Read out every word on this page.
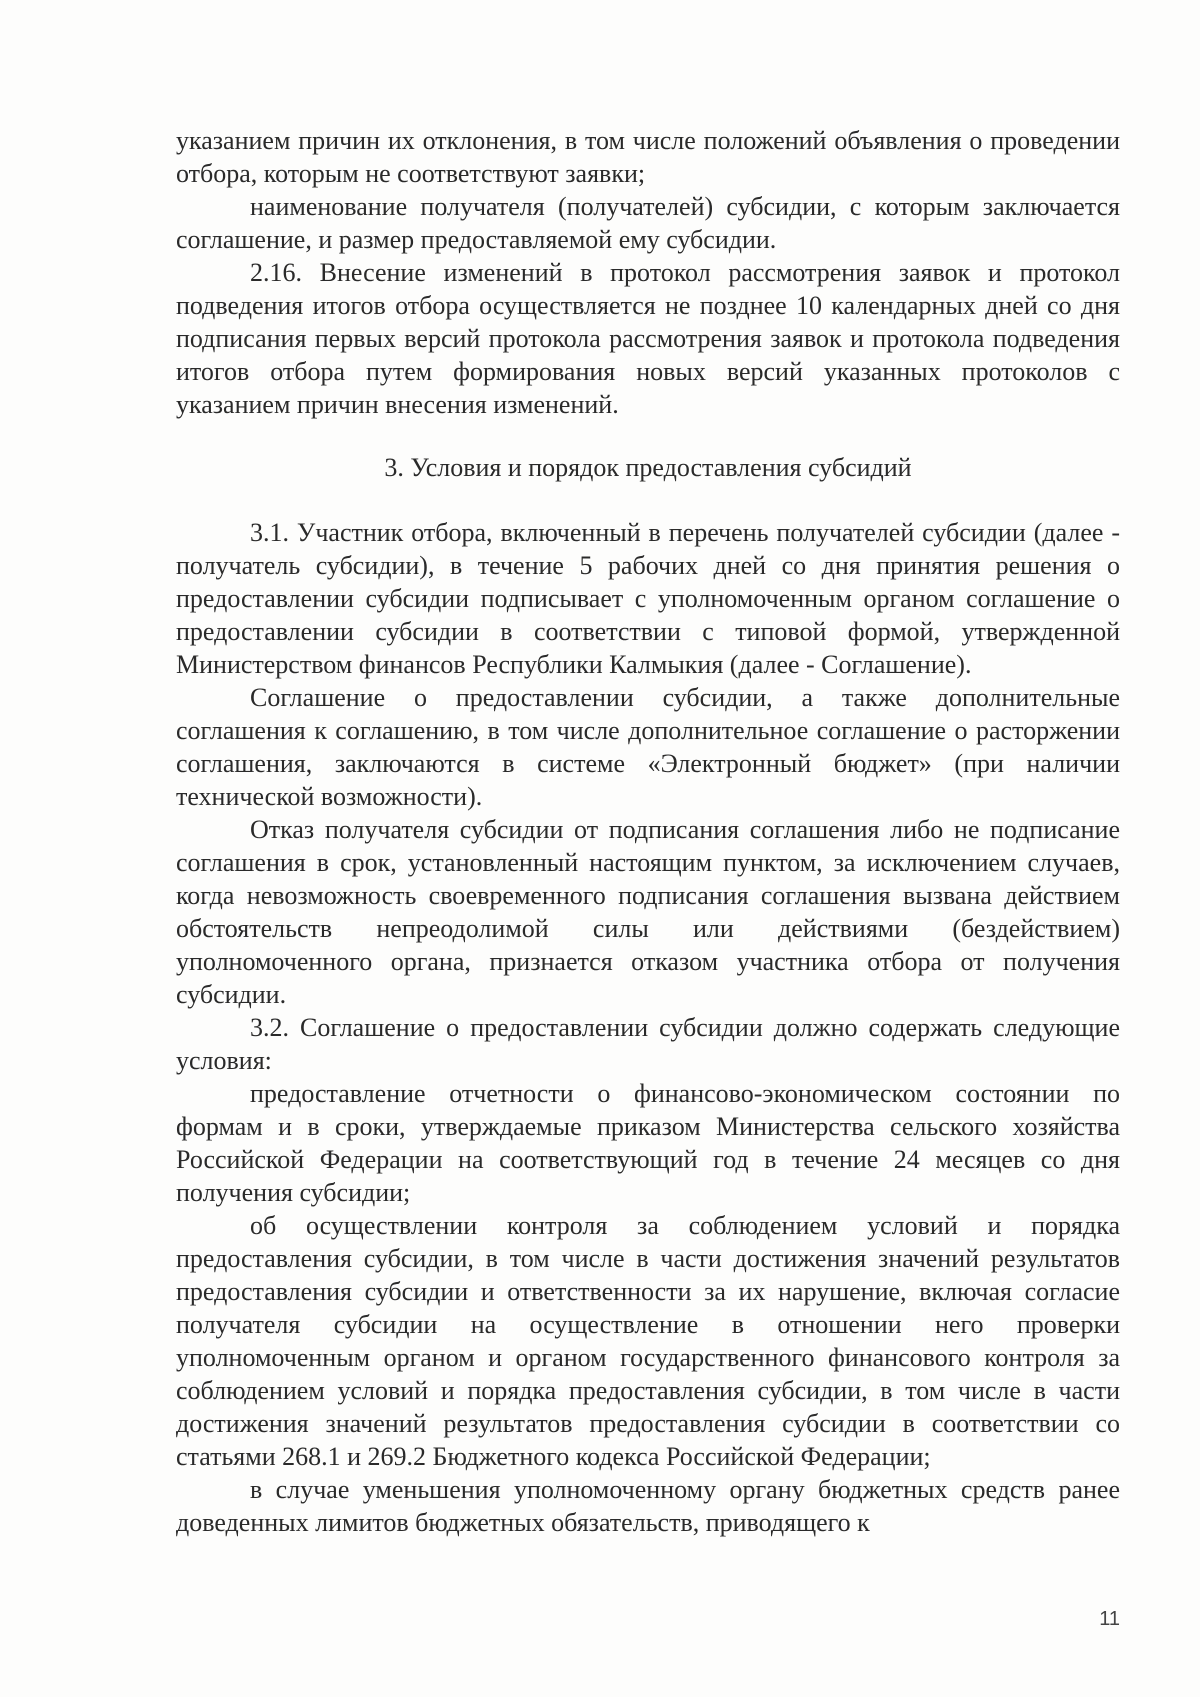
указанием причин их отклонения, в том числе положений объявления о проведении отбора, которым не соответствуют заявки;

наименование получателя (получателей) субсидии, с которым заключается соглашение, и размер предоставляемой ему субсидии.

2.16. Внесение изменений в протокол рассмотрения заявок и протокол подведения итогов отбора осуществляется не позднее 10 календарных дней со дня подписания первых версий протокола рассмотрения заявок и протокола подведения итогов отбора путем формирования новых версий указанных протоколов с указанием причин внесения изменений.

3. Условия и порядок предоставления субсидий

3.1. Участник отбора, включенный в перечень получателей субсидии (далее - получатель субсидии), в течение 5 рабочих дней со дня принятия решения о предоставлении субсидии подписывает с уполномоченным органом соглашение о предоставлении субсидии в соответствии с типовой формой, утвержденной Министерством финансов Республики Калмыкия (далее - Соглашение).

Соглашение о предоставлении субсидии, а также дополнительные соглашения к соглашению, в том числе дополнительное соглашение о расторжении соглашения, заключаются в системе «Электронный бюджет» (при наличии технической возможности).

Отказ получателя субсидии от подписания соглашения либо не подписание соглашения в срок, установленный настоящим пунктом, за исключением случаев, когда невозможность своевременного подписания соглашения вызвана действием обстоятельств непреодолимой силы или действиями (бездействием) уполномоченного органа, признается отказом участника отбора от получения субсидии.

3.2. Соглашение о предоставлении субсидии должно содержать следующие условия:

предоставление отчетности о финансово-экономическом состоянии по формам и в сроки, утверждаемые приказом Министерства сельского хозяйства Российской Федерации на соответствующий год в течение 24 месяцев со дня получения субсидии;

об осуществлении контроля за соблюдением условий и порядка предоставления субсидии, в том числе в части достижения значений результатов предоставления субсидии и ответственности за их нарушение, включая согласие получателя субсидии на осуществление в отношении него проверки уполномоченным органом и органом государственного финансового контроля за соблюдением условий и порядка предоставления субсидии, в том числе в части достижения значений результатов предоставления субсидии в соответствии со статьями 268.1 и 269.2 Бюджетного кодекса Российской Федерации;

в случае уменьшения уполномоченному органу бюджетных средств ранее доведенных лимитов бюджетных обязательств, приводящего к

11
